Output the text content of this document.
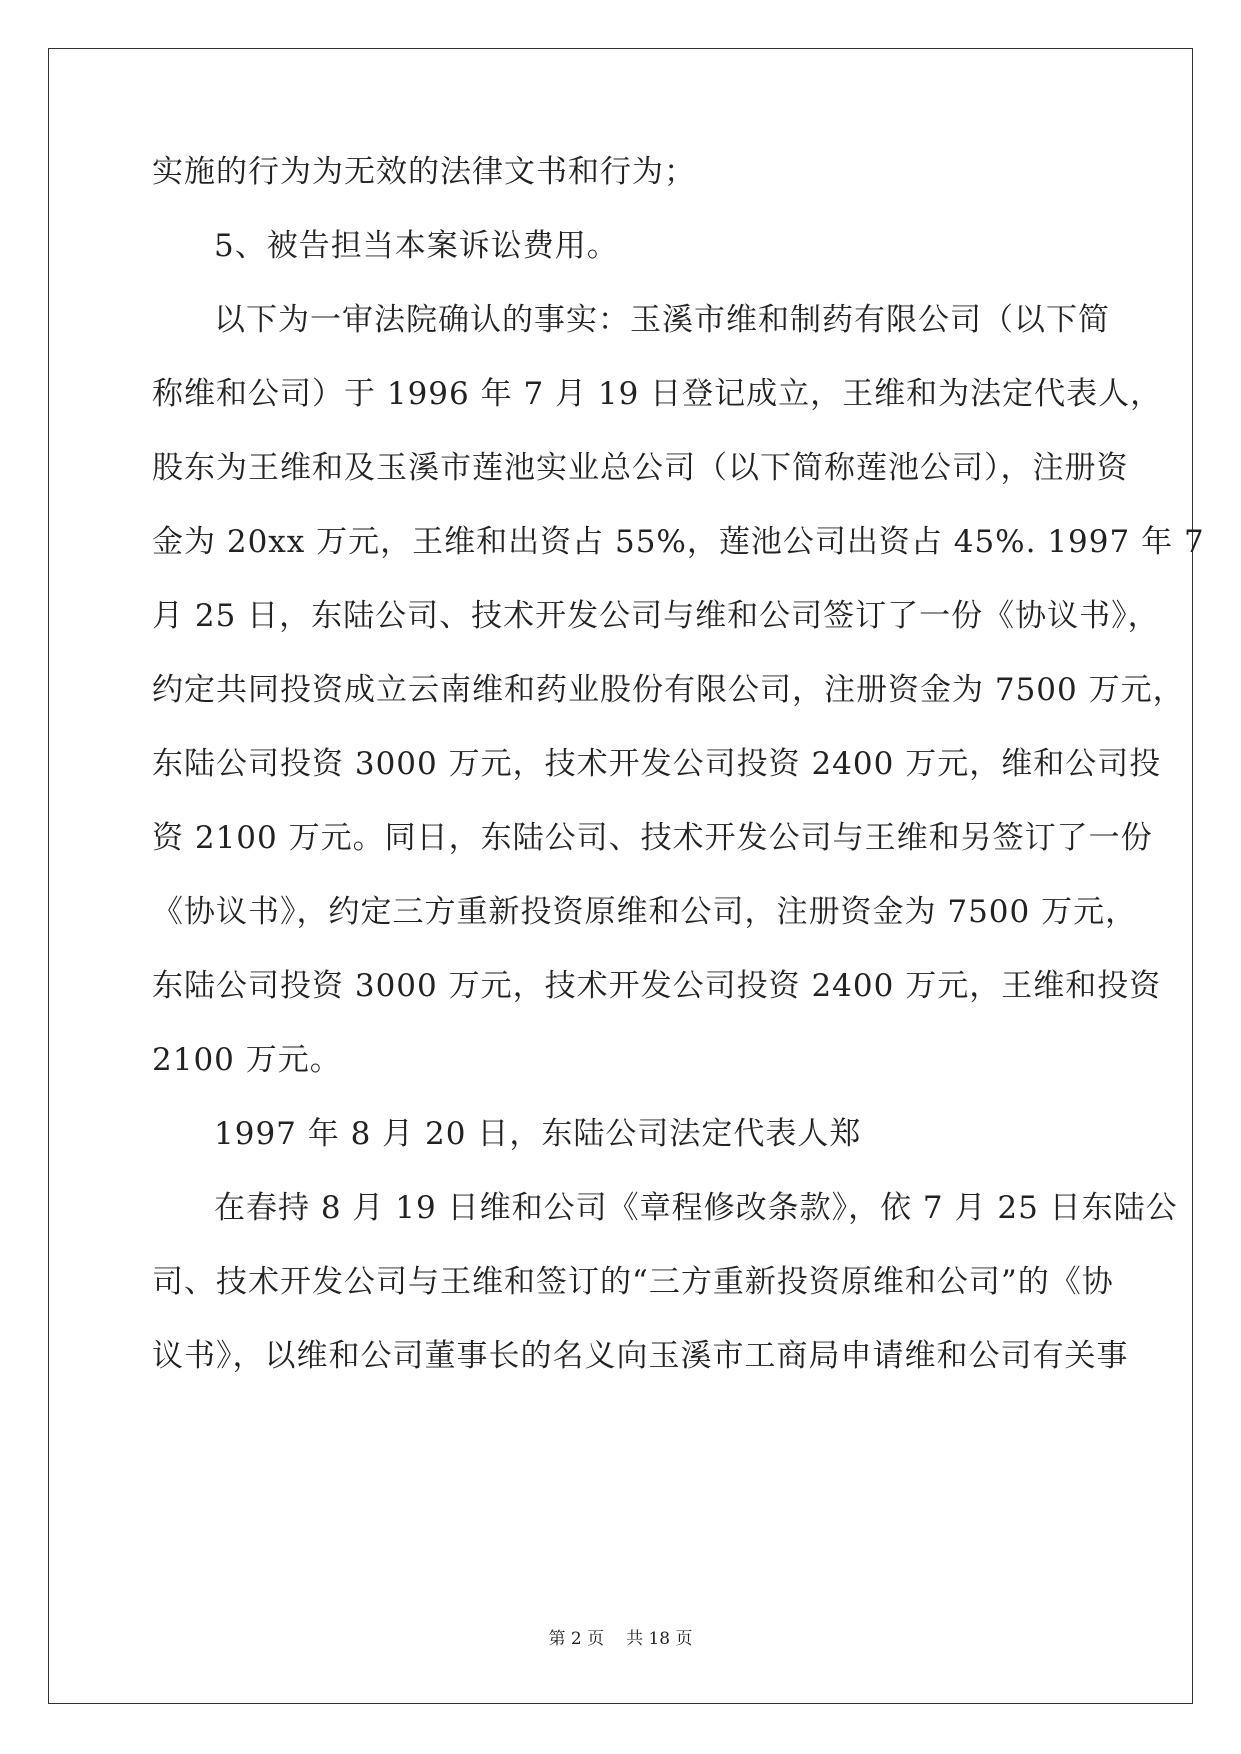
实施的行为为无效的法律文书和行为；

5、被告担当本案诉讼费用。

以下为一审法院确认的事实：玉溪市维和制药有限公司（以下简

称维和公司）于 1996 年 7 月 19 日登记成立，王维和为法定代表人，

股东为王维和及玉溪市莲池实业总公司（以下简称莲池公司），注册资

金为 20xx 万元，王维和出资占 55%，莲池公司出资占 45%. 1997 年 7

月 25 日，东陆公司、技术开发公司与维和公司签订了一份《协议书》，

约定共同投资成立云南维和药业股份有限公司，注册资金为 7500 万元，

东陆公司投资 3000 万元，技术开发公司投资 2400 万元，维和公司投

资 2100 万元。同日，东陆公司、技术开发公司与王维和另签订了一份

《协议书》，约定三方重新投资原维和公司，注册资金为 7500 万元，

东陆公司投资 3000 万元，技术开发公司投资 2400 万元，王维和投资

2100 万元。

1997 年 8 月 20 日，东陆公司法定代表人郑

在春持 8 月 19 日维和公司《章程修改条款》，依 7 月 25 日东陆公

司、技术开发公司与王维和签订的“三方重新投资原维和公司”的《协

议书》，以维和公司董事长的名义向玉溪市工商局申请维和公司有关事

第 2 页 共 18 页
